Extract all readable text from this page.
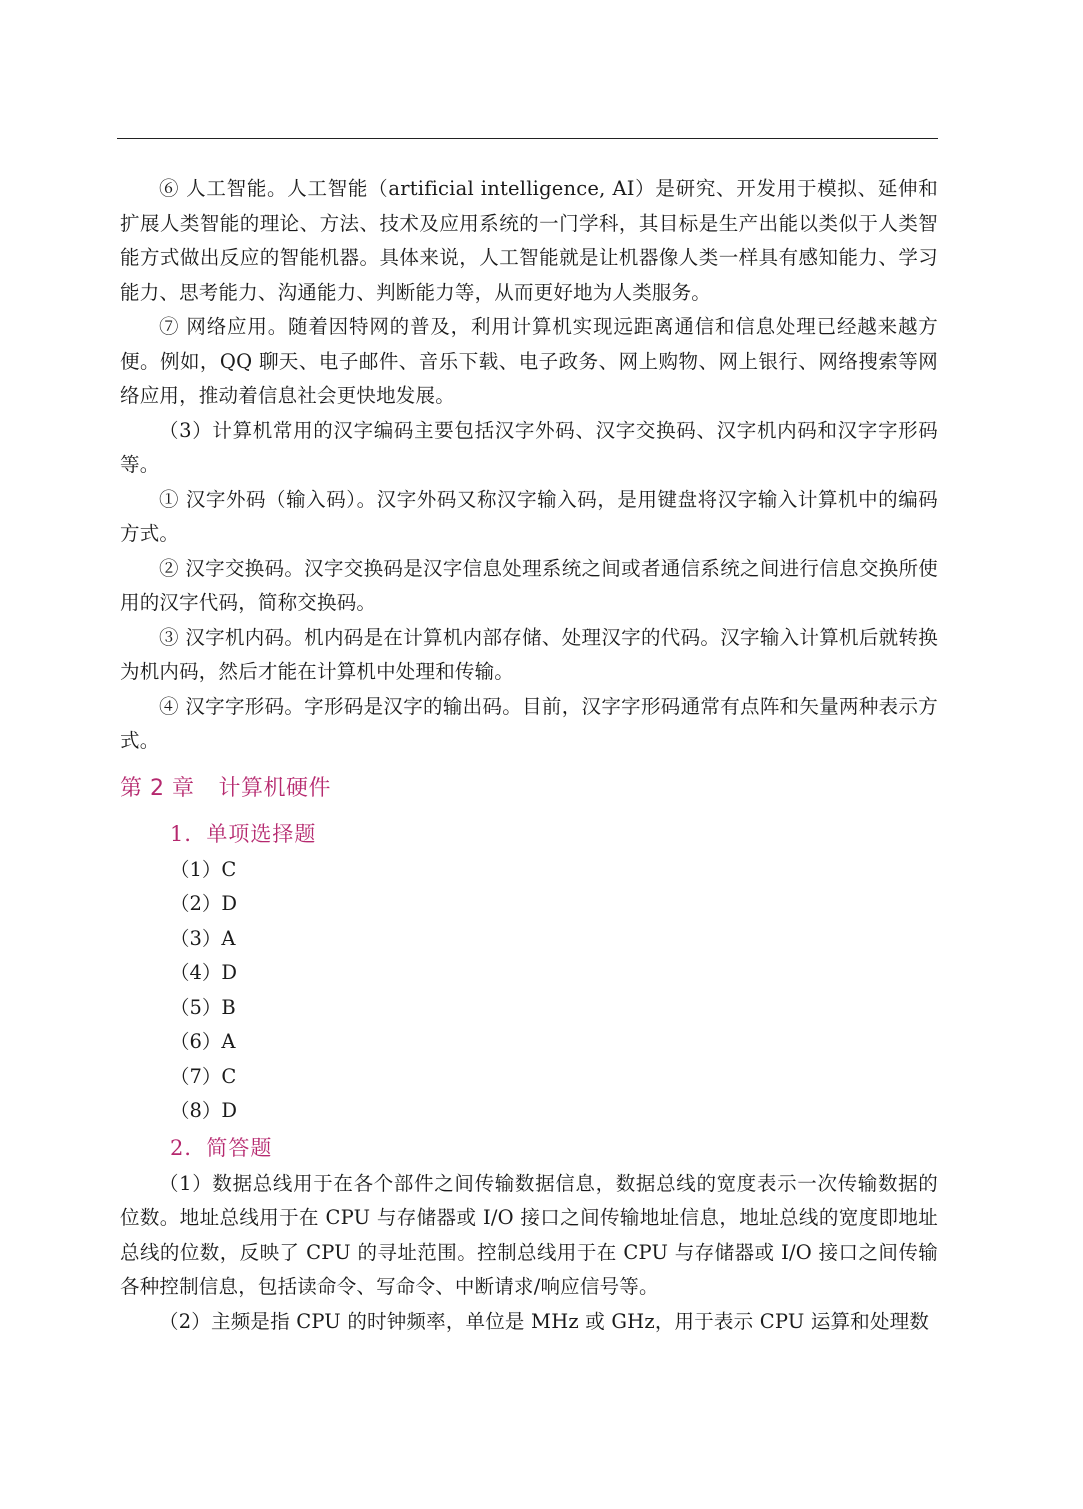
⑥ 人工智能。人工智能（artificial intelligence, AI）是研究、开发用于模拟、延伸和扩展人类智能的理论、方法、技术及应用系统的一门学科，其目标是生产出能以类似于人类智能方式做出反应的智能机器。具体来说，人工智能就是让机器像人类一样具有感知能力、学习能力、思考能力、沟通能力、判断能力等，从而更好地为人类服务。

⑦ 网络应用。随着因特网的普及，利用计算机实现远距离通信和信息处理已经越来越方便。例如，QQ 聊天、电子邮件、音乐下载、电子政务、网上购物、网上银行、网络搜索等网络应用，推动着信息社会更快地发展。

（3）计算机常用的汉字编码主要包括汉字外码、汉字交换码、汉字机内码和汉字字形码等。

① 汉字外码（输入码）。汉字外码又称汉字输入码，是用键盘将汉字输入计算机中的编码方式。

② 汉字交换码。汉字交换码是汉字信息处理系统之间或者通信系统之间进行信息交换所使用的汉字代码，简称交换码。

③ 汉字机内码。机内码是在计算机内部存储、处理汉字的代码。汉字输入计算机后就转换为机内码，然后才能在计算机中处理和传输。

④ 汉字字形码。字形码是汉字的输出码。目前，汉字字形码通常有点阵和矢量两种表示方式。

第 2 章 计算机硬件
1．单项选择题
（1）C
（2）D
（3）A
（4）D
（5）B
（6）A
（7）C
（8）D
2．简答题

（1）数据总线用于在各个部件之间传输数据信息，数据总线的宽度表示一次传输数据的位数。地址总线用于在 CPU 与存储器或 I/O 接口之间传输地址信息，地址总线的宽度即地址总线的位数，反映了 CPU 的寻址范围。控制总线用于在 CPU 与存储器或 I/O 接口之间传输各种控制信息，包括读命令、写命令、中断请求/响应信号等。

（2）主频是指 CPU 的时钟频率，单位是 MHz 或 GHz，用于表示 CPU 运算和处理数
